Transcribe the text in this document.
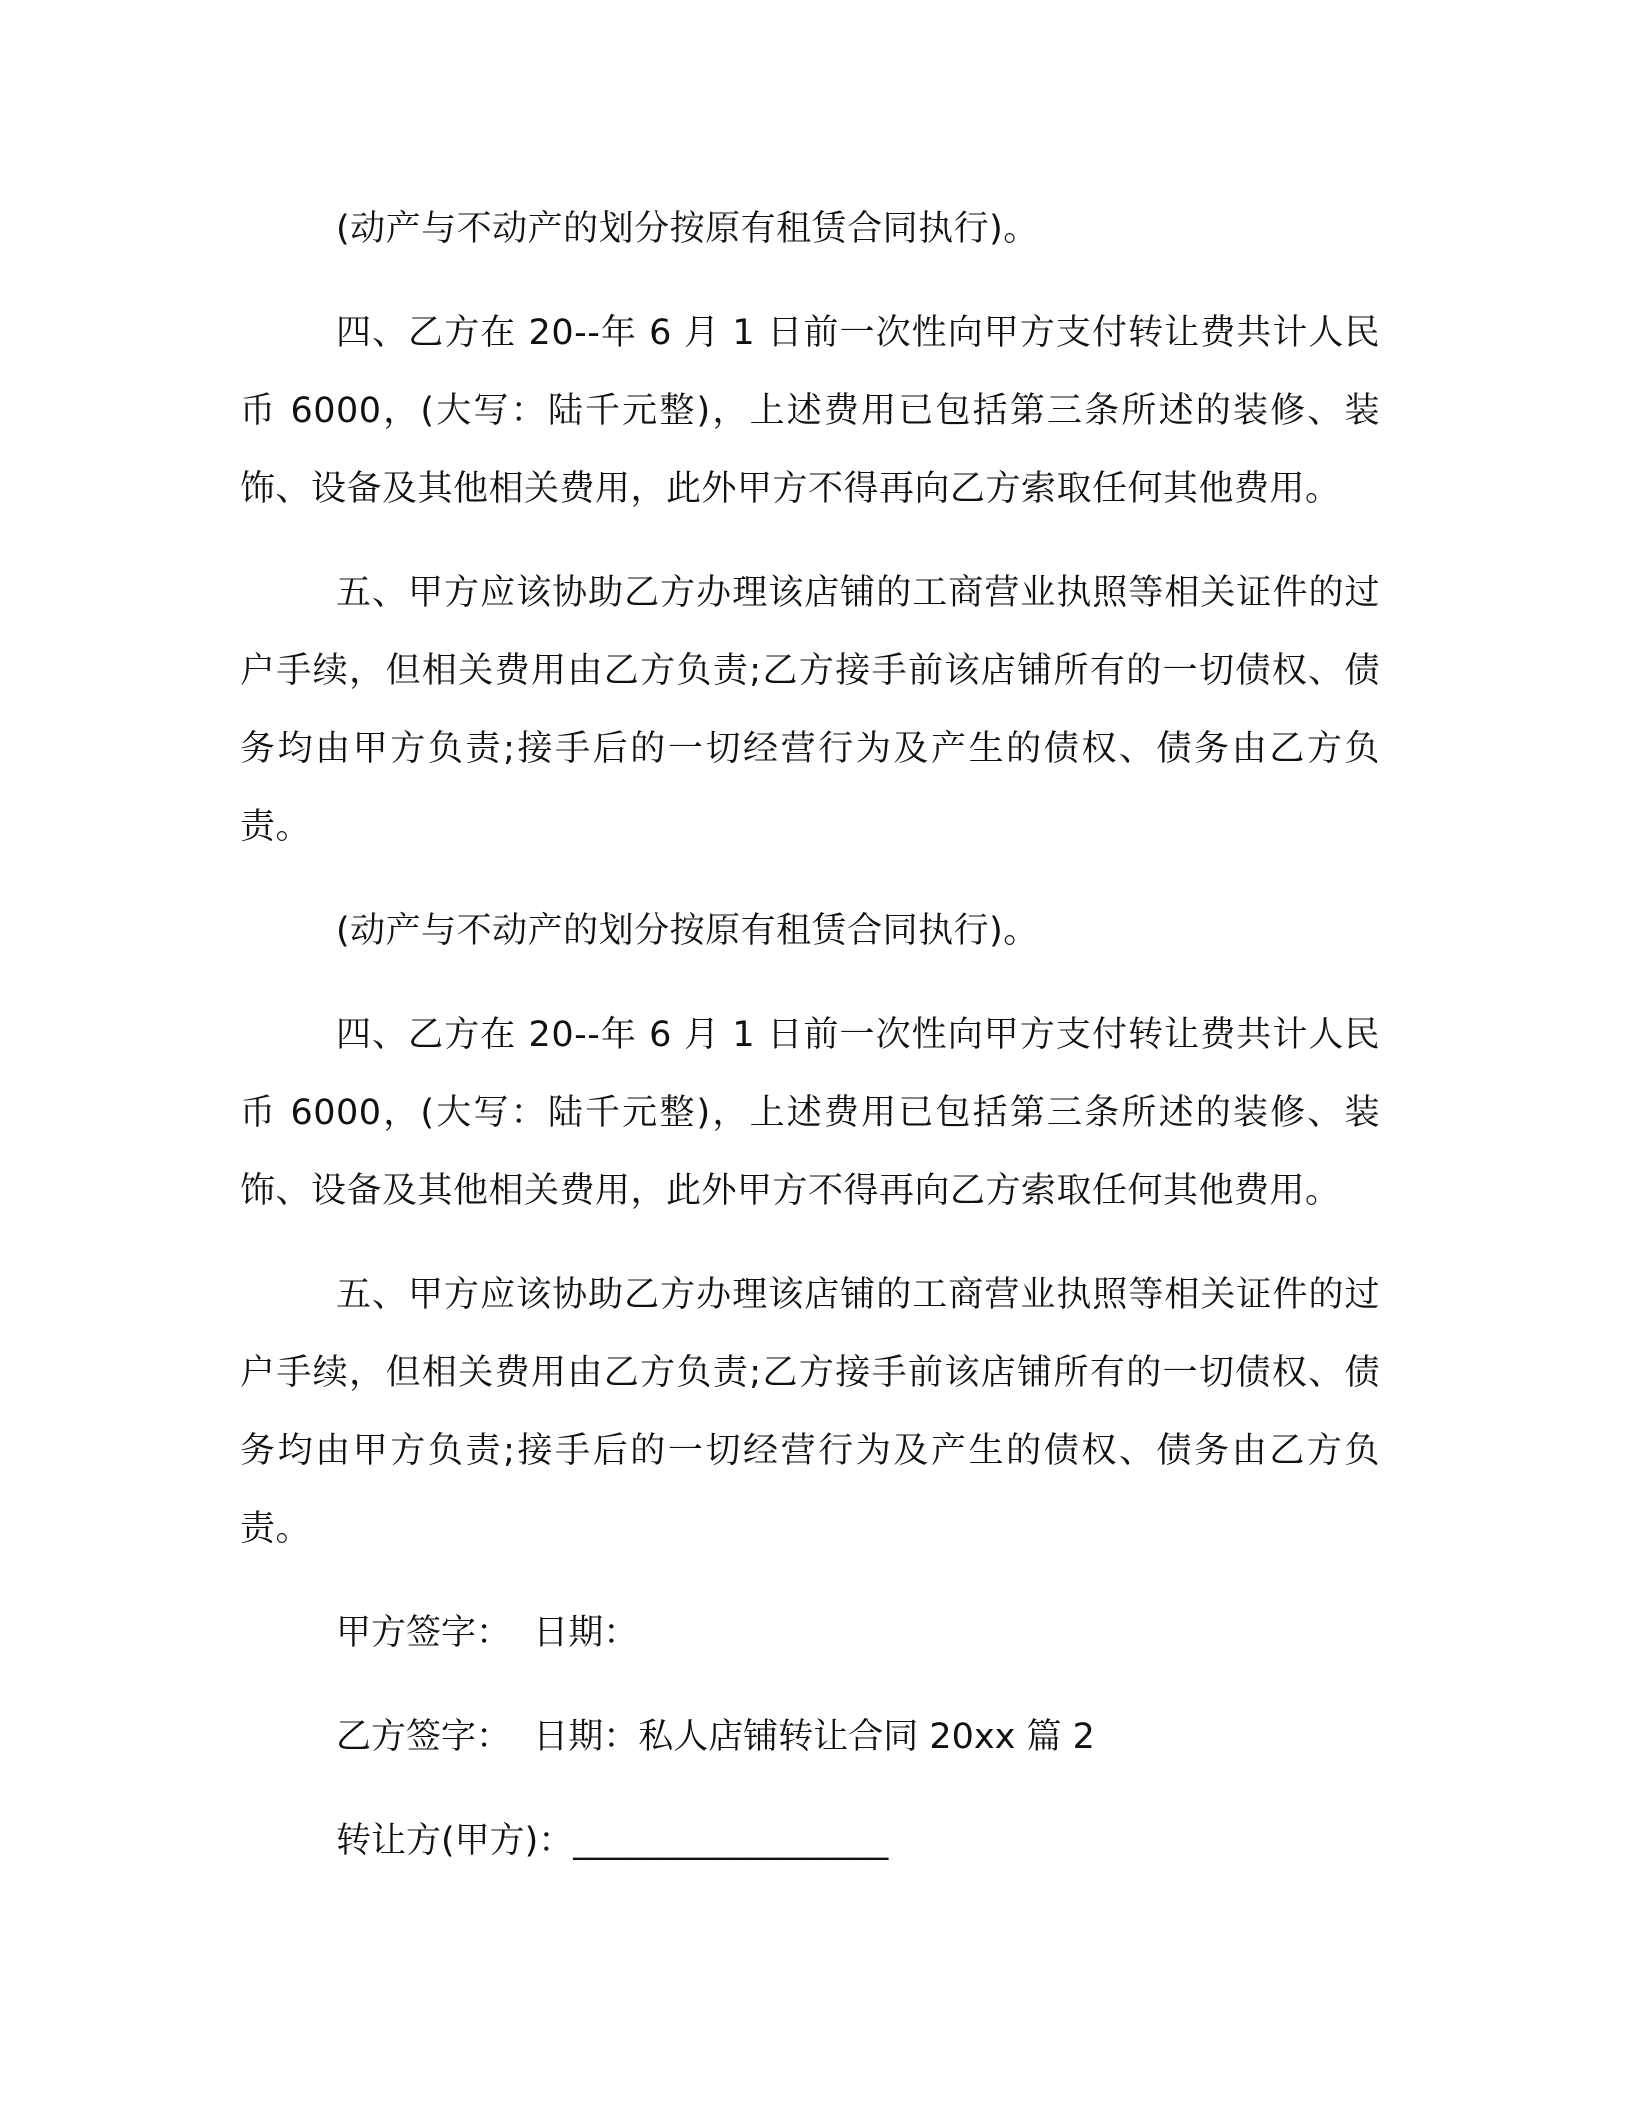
(动产与不动产的划分按原有租赁合同执行)。

四、乙方在 20--年 6 月 1 日前一次性向甲方支付转让费共计人民币 6000，(大写：陆千元整)，上述费用已包括第三条所述的装修、装饰、设备及其他相关费用，此外甲方不得再向乙方索取任何其他费用。

五、甲方应该协助乙方办理该店铺的工商营业执照等相关证件的过户手续，但相关费用由乙方负责;乙方接手前该店铺所有的一切债权、债务均由甲方负责;接手后的一切经营行为及产生的债权、债务由乙方负责。

(动产与不动产的划分按原有租赁合同执行)。

四、乙方在 20--年 6 月 1 日前一次性向甲方支付转让费共计人民币 6000，(大写：陆千元整)，上述费用已包括第三条所述的装修、装饰、设备及其他相关费用，此外甲方不得再向乙方索取任何其他费用。

五、甲方应该协助乙方办理该店铺的工商营业执照等相关证件的过户手续，但相关费用由乙方负责;乙方接手前该店铺所有的一切债权、债务均由甲方负责;接手后的一切经营行为及产生的债权、债务由乙方负责。

甲方签字：  日期：
乙方签字：  日期：私人店铺转让合同 20xx 篇 2
转让方(甲方)：__________________
